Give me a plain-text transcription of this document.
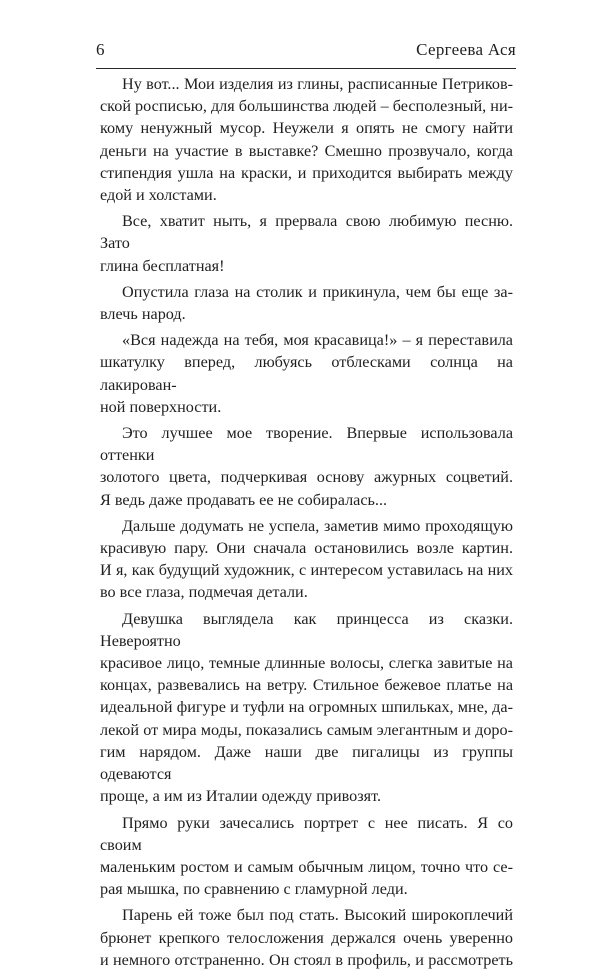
6	Сергеева Ася
Ну вот... Мои изделия из глины, расписанные Петриков-
ской росписью, для большинства людей – бесполезный, ни-
кому ненужный мусор. Неужели я опять не смогу найти
деньги на участие в выставке? Смешно прозвучало, когда
стипендия ушла на краски, и приходится выбирать между
едой и холстами.
Все, хватит ныть, я прервала свою любимую песню. Зато
глина бесплатная!
Опустила глаза на столик и прикинула, чем бы еще за-
влечь народ.
«Вся надежда на тебя, моя красавица!» – я переставила
шкатулку вперед, любуясь отблесками солнца на лакирован-
ной поверхности.
Это лучшее мое творение. Впервые использовала оттенки
золотого цвета, подчеркивая основу ажурных соцветий.
Я ведь даже продавать ее не собиралась...
Дальше додумать не успела, заметив мимо проходящую
красивую пару. Они сначала остановились возле картин.
И я, как будущий художник, с интересом уставилась на них
во все глаза, подмечая детали.
Девушка выглядела как принцесса из сказки. Невероятно
красивое лицо, темные длинные волосы, слегка завитые на
концах, развевались на ветру. Стильное бежевое платье на
идеальной фигуре и туфли на огромных шпильках, мне, да-
лекой от мира моды, показались самым элегантным и доро-
гим нарядом. Даже наши две пигалицы из группы одеваются
проще, а им из Италии одежду привозят.
Прямо руки зачесались портрет с нее писать. Я со своим
маленьким ростом и самым обычным лицом, точно что се-
рая мышка, по сравнению с гламурной леди.
Парень ей тоже был под стать. Высокий широкоплечий
брюнет крепкого телосложения держался очень уверенно
и немного отстраненно. Он стоял в профиль, и рассмотреть
